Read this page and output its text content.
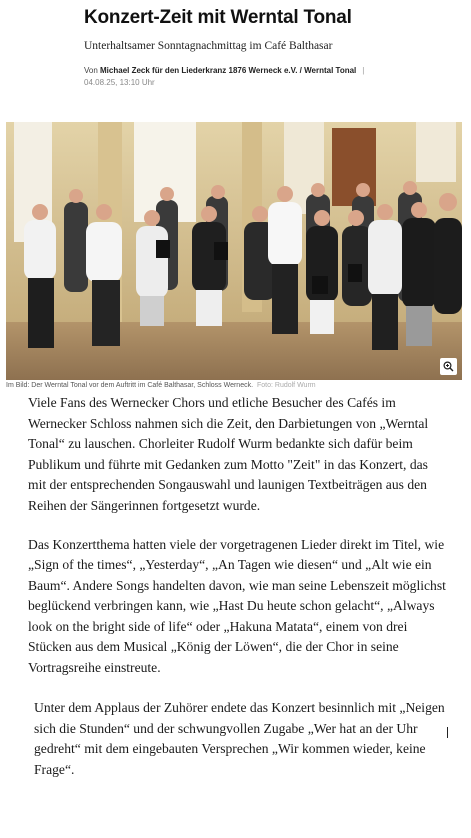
Konzert-Zeit mit Werntal Tonal
Unterhaltsamer Sonntagnachmittag im Café Balthasar
Von Michael Zeck für den Liederkranz 1876 Werneck e.V. / Werntal Tonal |
04.08.25, 13:10 Uhr
Im Bild: Der Werntal Tonal vor dem Auftritt im Café Balthasar, Schloss Werneck. Foto: Rudolf Wurm

Viele Fans des Wernecker Chors und etliche Besucher des Cafés im Wernecker Schloss nahmen sich die Zeit, den Darbietungen von „Werntal Tonal“ zu lauschen. Chorleiter Rudolf Wurm bedankte sich dafür beim Publikum und führte mit Gedanken zum Motto "Zeit" in das Konzert, das mit der entsprechenden Songauswahl und launigen Textbeiträgen aus den Reihen der Sängerinnen fortgesetzt wurde.

Das Konzertthema hatten viele der vorgetragenen Lieder direkt im Titel, wie „Sign of the times“, „Yesterday“, „An Tagen wie diesen“ und „Alt wie ein Baum“. Andere Songs handelten davon, wie man seine Lebenszeit möglichst beglückend verbringen kann, wie „Hast Du heute schon gelacht“, „Always look on the bright side of life“ oder „Hakuna Matata“, einem von drei Stücken aus dem Musical „König der Löwen“, die der Chor in seine Vortragsreihe einstreute.

Unter dem Applaus der Zuhörer endete das Konzert besinnlich mit „Neigen sich die Stunden“ und der schwungvollen Zugabe „Wer hat an der Uhr gedreht“ mit dem eingebauten Versprechen „Wir kommen wieder, keine Frage“.
